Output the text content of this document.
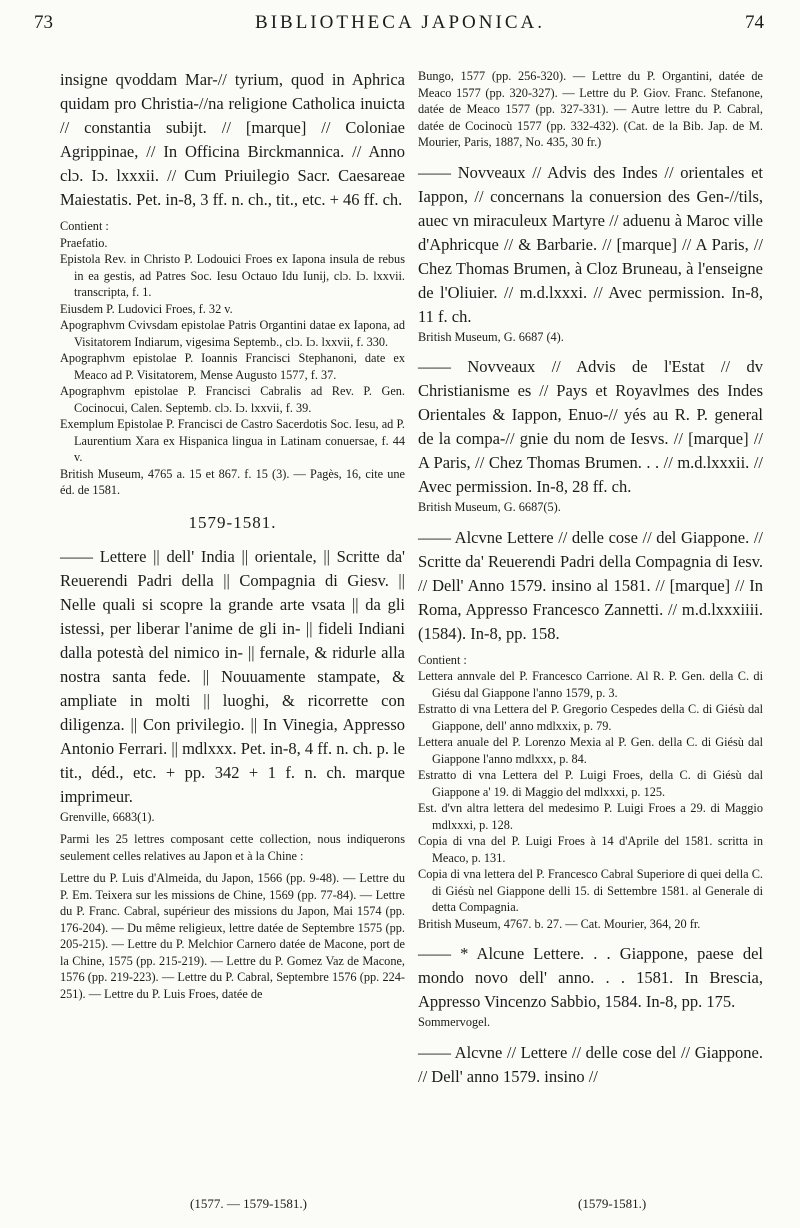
73	BIBLIOTHECA JAPONICA.	74

insigne qvoddam Mar-// tyrium, quod in Aphrica quidam pro Christia-//na religione Catholica inuicta // constantia subijt. // [marque] // Coloniae Agrippinae, // In Officina Birckmannica. // Anno clɔ. Iɔ. lxxxii. // Cum Priuilegio Sacr. Caesareae Maiestatis. Pet. in-8, 3 ff. n. ch., tit., etc. + 46 ff. ch.

Contient :

Praefatio.

Epistola Rev. in Christo P. Lodouici Froes ex Iapona insula de rebus in ea gestis, ad Patres Soc. Iesu Octauo Idu Iunij, clɔ. Iɔ. lxxvii. transcripta, f. 1.

Eiusdem P. Ludovici Froes, f. 32 v.

Apographvm Cvivsdam epistolae Patris Organtini datae ex Iapona, ad Visitatorem Indiarum, vigesima Septemb., clɔ. Iɔ. lxxvii, f. 330.

Apographvm epistolae P. Ioannis Francisci Stephanoni, date ex Meaco ad P. Visitatorem, Mense Augusto 1577, f. 37.

Apographvm epistolae P. Francisci Cabralis ad Rev. P. Gen. Cocinocui, Calen. Septemb. clɔ. Iɔ. lxxvii, f. 39.

Exemplum Epistolae P. Francisci de Castro Sacerdotis Soc. Iesu, ad P. Laurentium Xara ex Hispanica lingua in Latinam conuersae, f. 44 v.

British Museum, 4765 a. 15 et 867. f. 15 (3). — Pagès, 16, cite une éd. de 1581.

1579-1581.

—— Lettere || dell' India || orientale, || Scritte da' Reuerendi Padri della || Compagnia di Giesv. || Nelle quali si scopre la grande arte vsata || da gli istessi, per liberar l'anime de gli in- || fideli Indiani dalla potestà del nimico in- || fernale, & ridurle alla nostra santa fede. || Nouuamente stampate, & ampliate in molti || luoghi, & ricorrette con diligenza. || Con privilegio. || In Vinegia, Appresso Antonio Ferrari. || mdlxxx. Pet. in-8, 4 ff. n. ch. p. le tit., déd., etc. + pp. 342 + 1 f. n. ch. marque imprimeur.

Grenville, 6683(1).

Parmi les 25 lettres composant cette collection, nous indiquerons seulement celles relatives au Japon et à la Chine :

Lettre du P. Luis d'Almeida, du Japon, 1566 (pp. 9-48). — Lettre du P. Em. Teixera sur les missions de Chine, 1569 (pp. 77-84). — Lettre du P. Franc. Cabral, supérieur des missions du Japon, Mai 1574 (pp. 176-204). — Du même religieux, lettre datée de Septembre 1575 (pp. 205-215). — Lettre du P. Melchior Carnero datée de Macone, port de la Chine, 1575 (pp. 215-219). — Lettre du P. Gomez Vaz de Macone, 1576 (pp. 219-223). — Lettre du P. Cabral, Septembre 1576 (pp. 224-251). — Lettre du P. Luis Froes, datée de

Bungo, 1577 (pp. 256-320). — Lettre du P. Organtini, datée de Meaco 1577 (pp. 320-327). — Lettre du P. Giov. Franc. Stefanone, datée de Meaco 1577 (pp. 327-331). — Autre lettre du P. Cabral, datée de Cocinocù 1577 (pp. 332-432). (Cat. de la Bib. Jap. de M. Mourier, Paris, 1887, No. 435, 30 fr.)

—— Novveaux // Advis des Indes // orientales et Iappon, // concernans la conuersion des Gen-//tils, auec vn miraculeux Martyre // aduenu à Maroc ville d'Aphricque // & Barbarie. // [marque] // A Paris, // Chez Thomas Brumen, à Cloz Bruneau, à l'enseigne de l'Oliuier. // m.d.lxxxi. // Avec permission. In-8, 11 f. ch.

British Museum, G. 6687 (4).

—— Novveaux // Advis de l'Estat // dv Christianisme es // Pays et Royavlmes des Indes Orientales & Iappon, Enuo-// yés au R. P. general de la compa-// gnie du nom de Iesvs. // [marque] // A Paris, // Chez Thomas Brumen. . . // m.d.lxxxii. // Avec permission. In-8, 28 ff. ch.

British Museum, G. 6687(5).

—— Alcvne Lettere // delle cose // del Giappone. // Scritte da' Reuerendi Padri della Compagnia di Iesv. // Dell' Anno 1579. insino al 1581. // [marque] // In Roma, Appresso Francesco Zannetti. // m.d.lxxxiiii. (1584). In-8, pp. 158.

Contient :

Lettera annvale del P. Francesco Carrione. Al R. P. Gen. della C. di Giésu dal Giappone l'anno 1579, p. 3.

Estratto di vna Lettera del P. Gregorio Cespedes della C. di Giésù dal Giappone, dell' anno mdlxxix, p. 79.

Lettera anuale del P. Lorenzo Mexia al P. Gen. della C. di Giésù dal Giappone l'anno mdlxxx, p. 84.

Estratto di vna Lettera del P. Luigi Froes, della C. di Giésù dal Giappone a' 19. di Maggio del mdlxxxi, p. 125.

Est. d'vn altra lettera del medesimo P. Luigi Froes a 29. di Maggio mdlxxxi, p. 128.

Copia di vna del P. Luigi Froes à 14 d'Aprile del 1581. scritta in Meaco, p. 131.

Copia di vna lettera del P. Francesco Cabral Superiore di quei della C. di Giésù nel Giappone delli 15. di Settembre 1581. al Generale di detta Compagnia.

British Museum, 4767. b. 27. — Cat. Mourier, 364, 20 fr.

—— * Alcune Lettere. . . Giappone, paese del mondo novo dell' anno. . . 1581. In Brescia, Appresso Vincenzo Sabbio, 1584. In-8, pp. 175.

Sommervogel.

—— Alcvne // Lettere // delle cose del // Giappone. // Dell' anno 1579. insino //

(1577. — 1579-1581.)	(1579-1581.)
